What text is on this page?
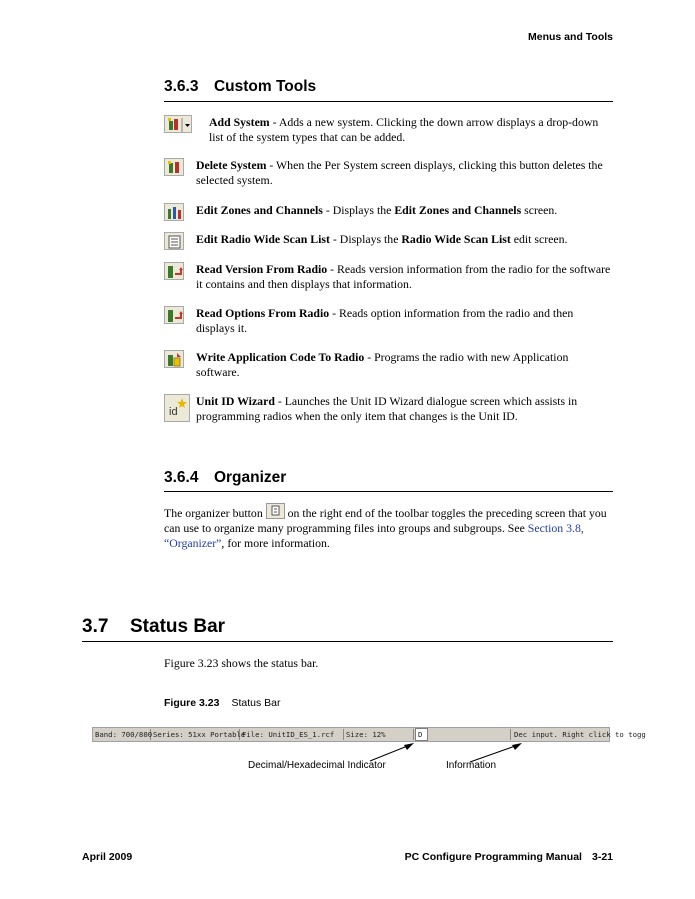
Menus and Tools
3.6.3 Custom Tools
Add System - Adds a new system. Clicking the down arrow displays a drop-down list of the system types that can be added.
Delete System - When the Per System screen displays, clicking this button deletes the selected system.
Edit Zones and Channels - Displays the Edit Zones and Channels screen.
Edit Radio Wide Scan List - Displays the Radio Wide Scan List edit screen.
Read Version From Radio - Reads version information from the radio for the software it contains and then displays that information.
Read Options From Radio - Reads option information from the radio and then displays it.
Write Application Code To Radio - Programs the radio with new Application software.
id
Unit ID Wizard - Launches the Unit ID Wizard dialogue screen which assists in programming radios when the only item that changes is the Unit ID.
3.6.4 Organizer
The organizer button
on the right end of the toolbar toggles the preceding screen that you can use to organize many programming files into groups and subgroups. See Section 3.8, “Organizer”, for more information.
3.7 Status Bar
Figure 3.23 shows the status bar.
Figure 3.23 Status Bar
Band: 700/800 Series: 51xx Portable
File: UnitID_ES_1.rcf	Size: 12%	D	Dec input. Right click to togg
Decimal/Hexadecimal Indicator	Information
April 2009	PC Configure Programming Manual 3-21
